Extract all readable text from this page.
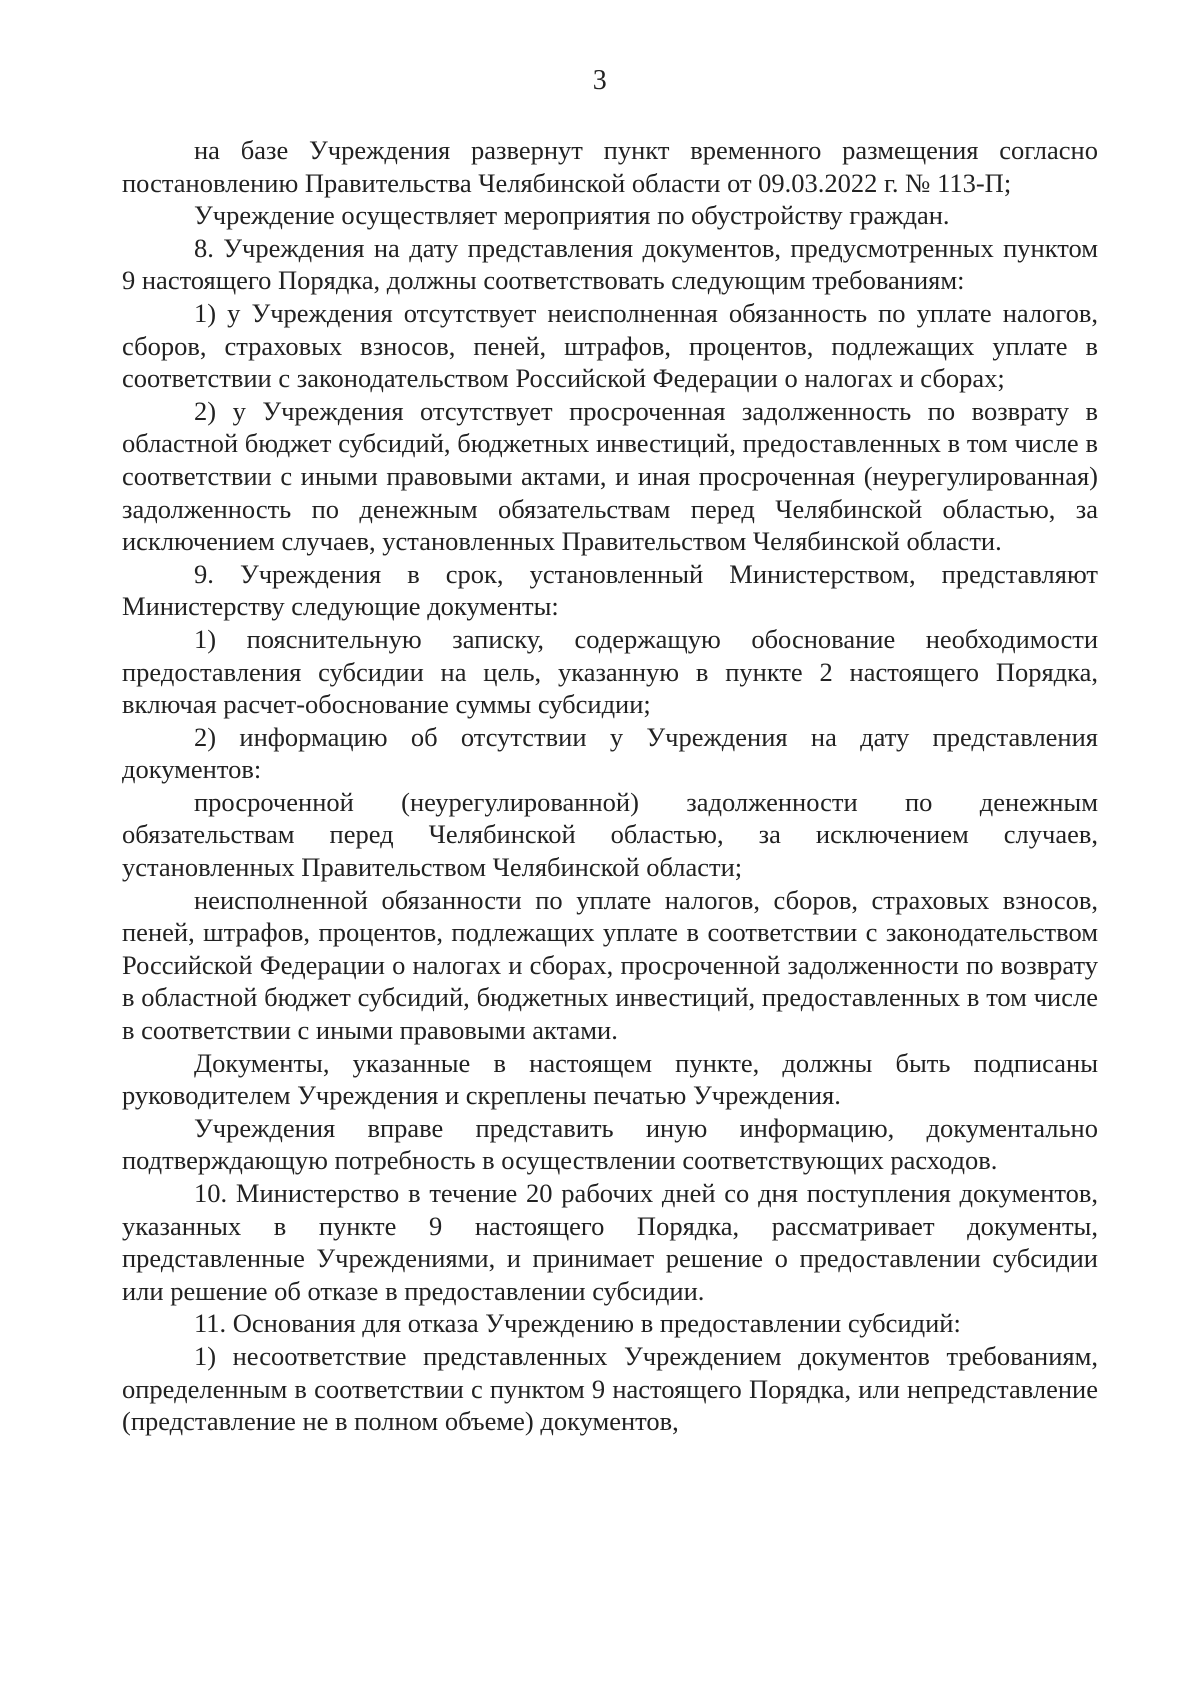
3

на базе Учреждения развернут пункт временного размещения согласно постановлению Правительства Челябинской области от 09.03.2022 г. № 113-П;

Учреждение осуществляет мероприятия по обустройству граждан.

8. Учреждения на дату представления документов, предусмотренных пунктом 9 настоящего Порядка, должны соответствовать следующим требованиям:

1) у Учреждения отсутствует неисполненная обязанность по уплате налогов, сборов, страховых взносов, пеней, штрафов, процентов, подлежащих уплате в соответствии с законодательством Российской Федерации о налогах и сборах;

2) у Учреждения отсутствует просроченная задолженность по возврату в областной бюджет субсидий, бюджетных инвестиций, предоставленных в том числе в соответствии с иными правовыми актами, и иная просроченная (неурегулированная) задолженность по денежным обязательствам перед Челябинской областью, за исключением случаев, установленных Правительством Челябинской области.

9. Учреждения в срок, установленный Министерством, представляют Министерству следующие документы:

1) пояснительную записку, содержащую обоснование необходимости предоставления субсидии на цель, указанную в пункте 2 настоящего Порядка, включая расчет-обоснование суммы субсидии;

2) информацию об отсутствии у Учреждения на дату представления документов:

просроченной (неурегулированной) задолженности по денежным обязательствам перед Челябинской областью, за исключением случаев, установленных Правительством Челябинской области;

неисполненной обязанности по уплате налогов, сборов, страховых взносов, пеней, штрафов, процентов, подлежащих уплате в соответствии с законодательством Российской Федерации о налогах и сборах, просроченной задолженности по возврату в областной бюджет субсидий, бюджетных инвестиций, предоставленных в том числе в соответствии с иными правовыми актами.

Документы, указанные в настоящем пункте, должны быть подписаны руководителем Учреждения и скреплены печатью Учреждения.

Учреждения вправе представить иную информацию, документально подтверждающую потребность в осуществлении соответствующих расходов.

10. Министерство в течение 20 рабочих дней со дня поступления документов, указанных в пункте 9 настоящего Порядка, рассматривает документы, представленные Учреждениями, и принимает решение о предоставлении субсидии или решение об отказе в предоставлении субсидии.

11. Основания для отказа Учреждению в предоставлении субсидий:

1) несоответствие представленных Учреждением документов требованиям, определенным в соответствии с пунктом 9 настоящего Порядка, или непредставление (представление не в полном объеме) документов,
